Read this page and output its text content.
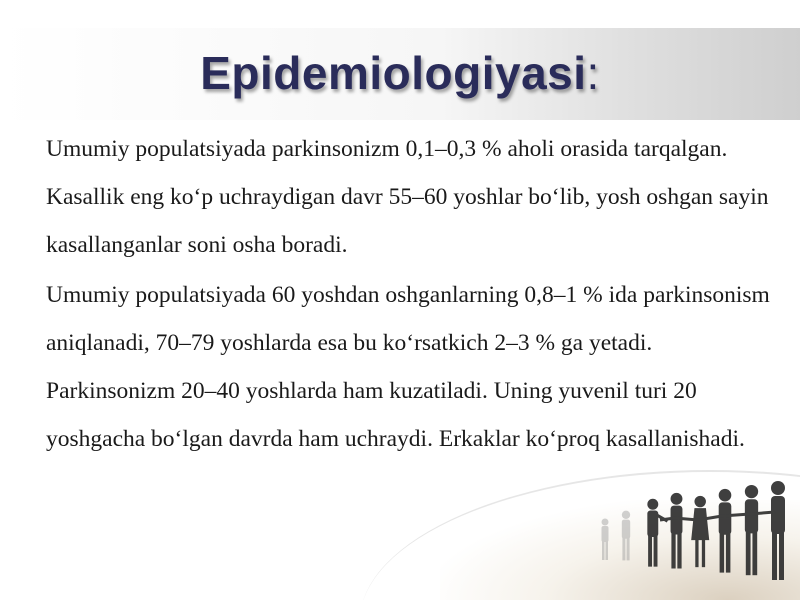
Epidemiologiyasi:

Umumiy populatsiyada parkinsonizm 0,1–0,3 % aholi orasida tarqalgan. Kasallik eng ko‘p uchraydigan davr 55–60 yoshlar bo‘lib, yosh oshgan sayin kasallanganlar soni osha boradi.

Umumiy populatsiyada 60 yoshdan oshganlarning 0,8–1 % ida parkinsonism aniqlanadi, 70–79 yoshlarda esa bu ko‘rsatkich 2–3 % ga yetadi. Parkinsonizm 20–40 yoshlarda ham kuzatiladi. Uning yuvenil turi 20 yoshgacha bo‘lgan davrda ham uchraydi. Erkaklar ko‘proq kasallanishadi.
